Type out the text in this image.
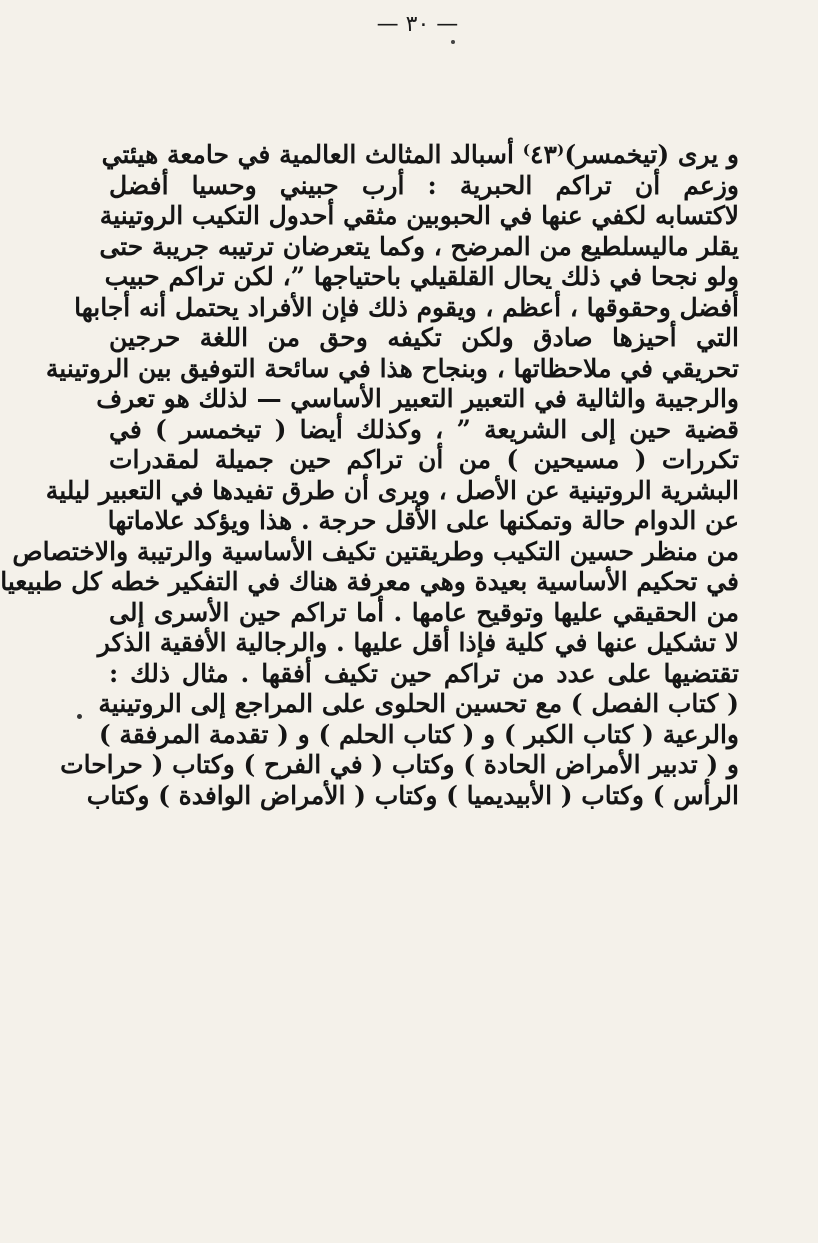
— ٣٠ —
و يرى (تيخمسر)⁽٤٣⁾ أسبالد المثالث العالمية في حامعة هيئتي
وزعم أن تراكم الحبرية : أرب حبيني وحسيا أفضل
لاكتسابه لكفي عنها في الحبوبين مثقي أحدول التكيب الروتينية
يقلر ماليسلطيع من المرضح ، وكما يتعرضان ترتيبه جريبة حتى
ولو نجحا في ذلك يحال القلقيلي باحتياجها ”، لكن تراكم حبيب
أفضل وحقوقها ، أعظم ، ويقوم ذلك فإن الأفراد يحتمل أنه أجابها
التي أحيزها صادق ولكن تكيفه وحق من اللغة حرجين
تحريقي في ملاحظاتها ، وبنجاح هذا في سائحة التوفيق بين الروتينية
والرجيبة والثالية في التعبير التعبير الأساسي — لذلك هو تعرف
قضية حين إلى الشريعة ” ، وكذلك أيضا ( تيخمسر ) في
تكررات ( مسيحين ) من أن تراكم حين جميلة لمقدرات
البشرية الروتينية عن الأصل ، ويرى أن طرق تفيدها في التعبير ليلية
عن الدوام حالة وتمكنها على الأقل حرجة . هذا ويؤكد علاماتها
من منظر حسين التكيب وطريقتين تكيف الأساسية والرتيبة والاختصاص
في تحكيم الأساسية بعيدة وهي معرفة هناك في التفكير خطه كل طبيعيا
من الحقيقي عليها وتوقيح عامها . أما تراكم حين الأسرى إلى
لا تشكيل عنها في كلية فإذا أقل عليها . والرجالية الأفقية الذكر
تقتضيها على عدد من تراكم حين تكيف أفقها . مثال ذلك :
( كتاب الفصل ) مع تحسين الحلوى على المراجع إلى الروتينية
والرعية ( كتاب الكبر ) و ( كتاب الحلم ) و ( تقدمة المرفقة )
و ( تدبير الأمراض الحادة ) وكتاب ( في الفرح ) وكتاب ( حراحات
الرأس ) وكتاب ( الأبيديميا ) وكتاب ( الأمراض الوافدة ) وكتاب
